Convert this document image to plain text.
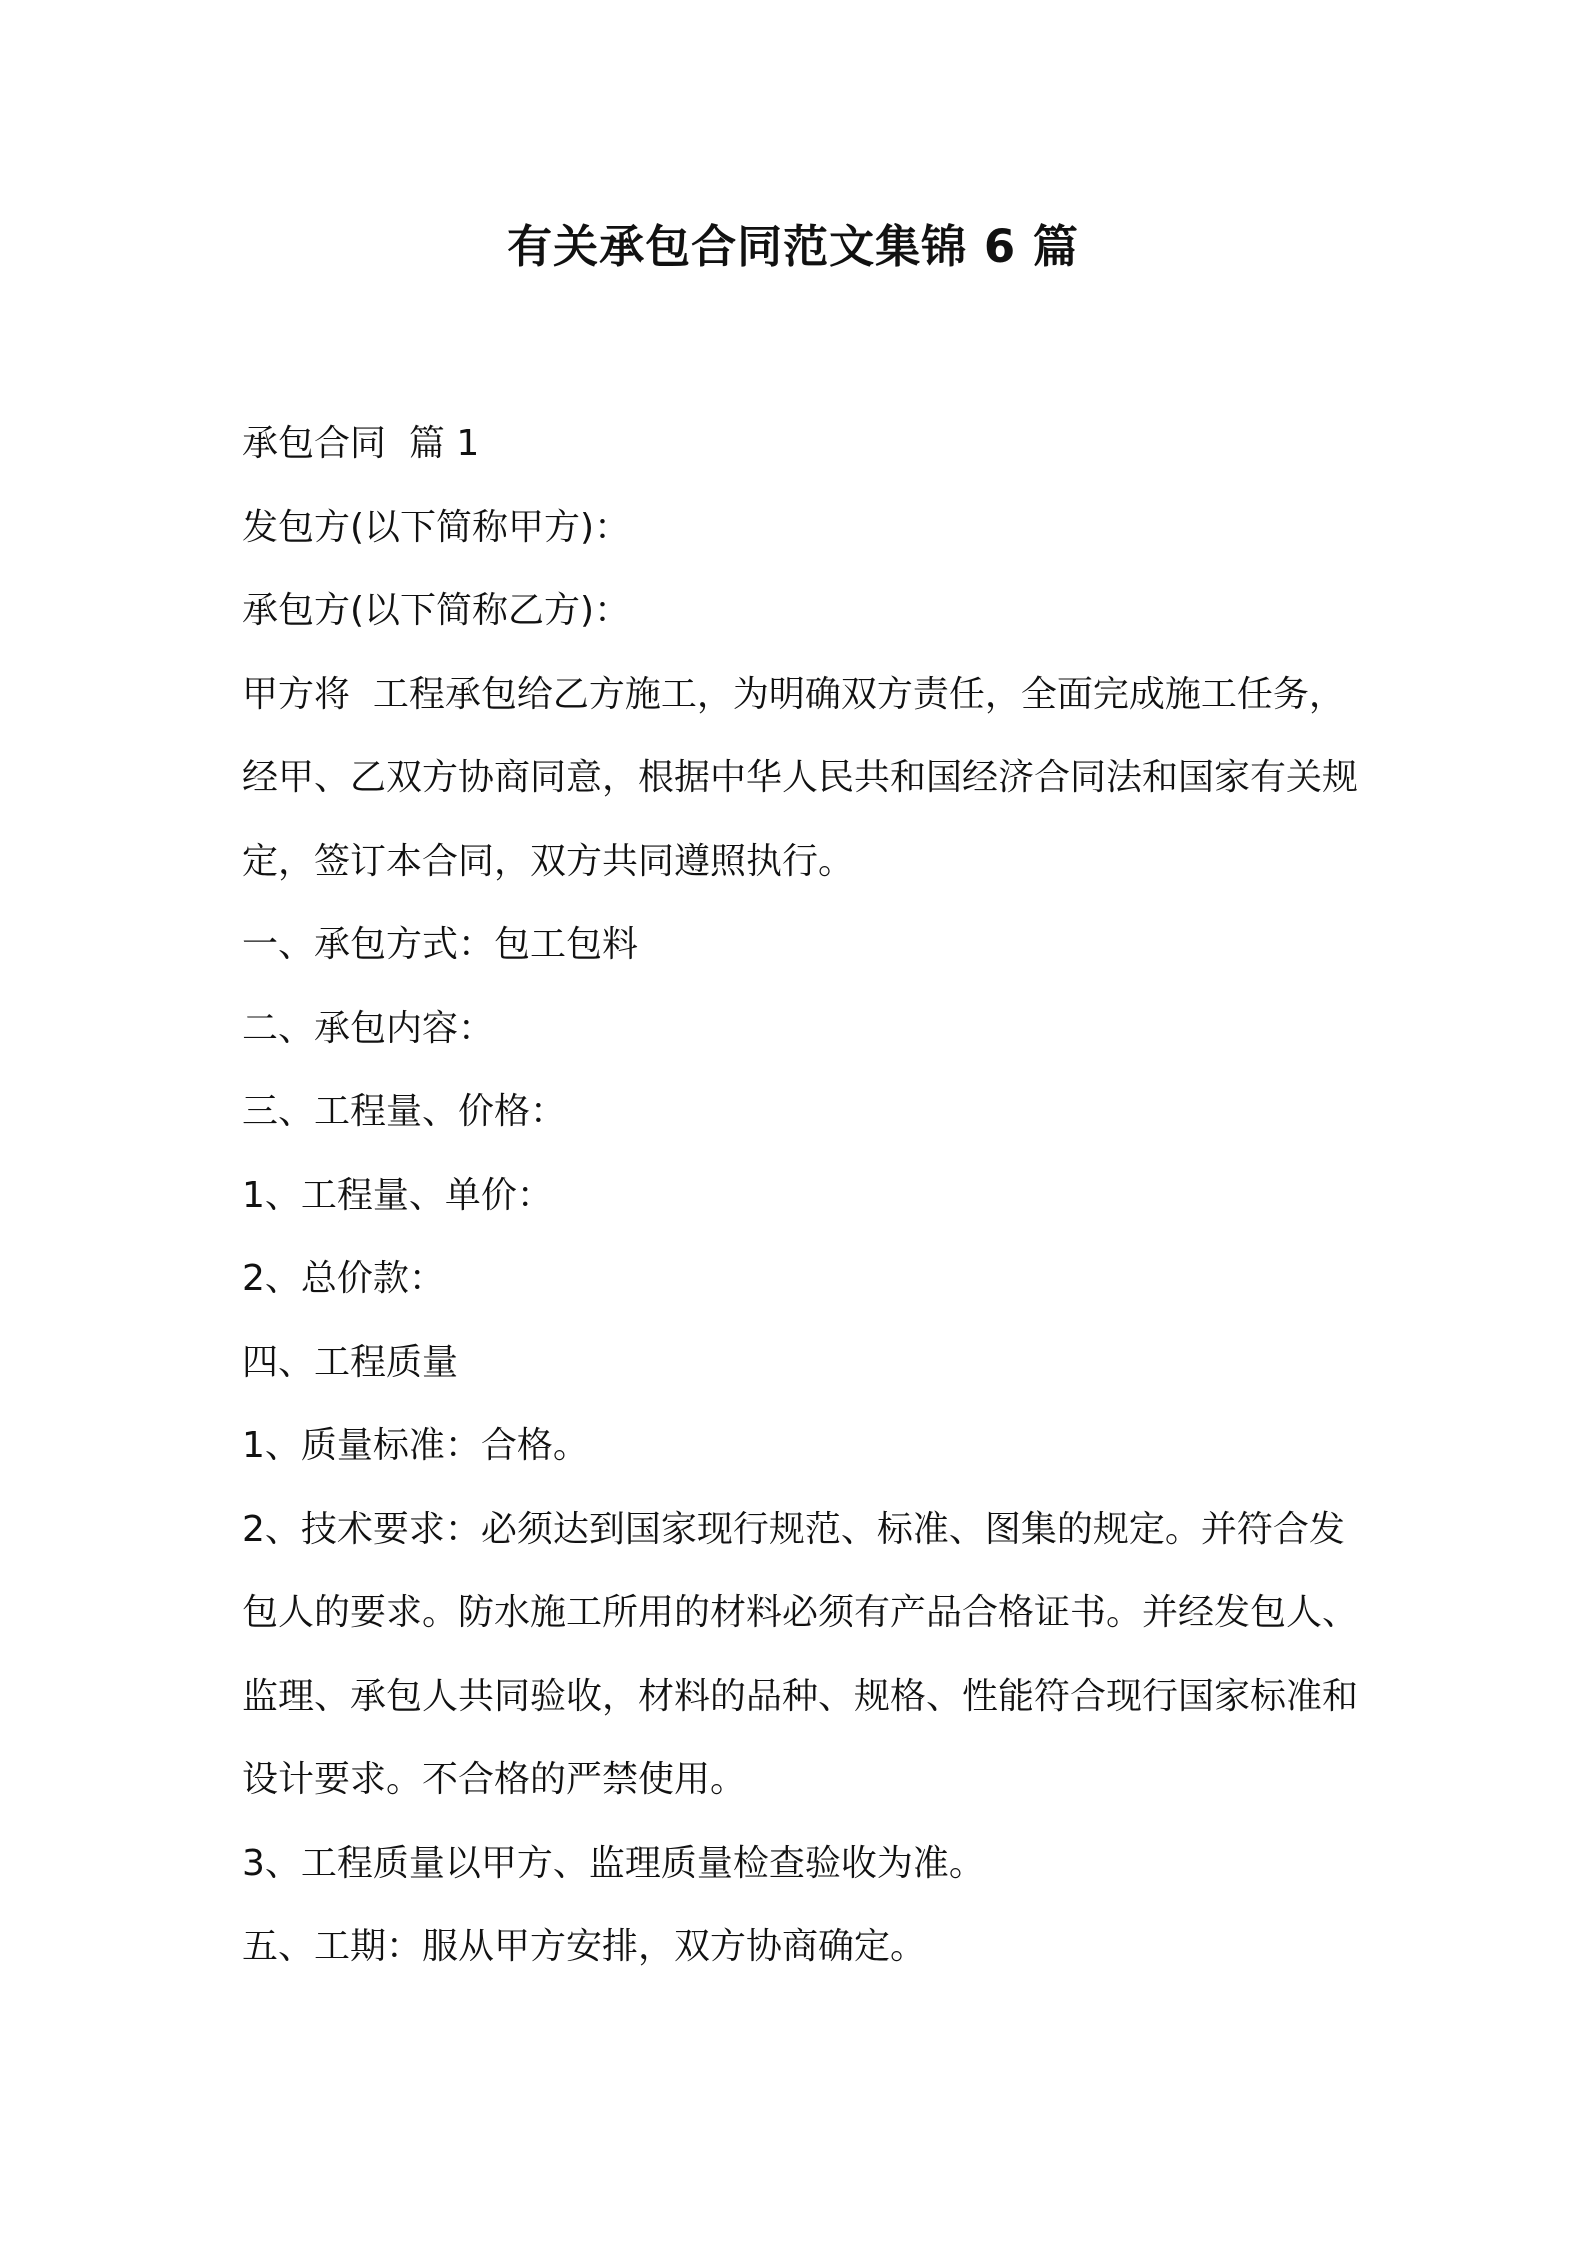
有关承包合同范文集锦 6 篇

承包合同  篇 1

发包方(以下简称甲方)：

承包方(以下简称乙方)：

甲方将  工程承包给乙方施工，为明确双方责任，全面完成施工任务，经甲、乙双方协商同意，根据中华人民共和国经济合同法和国家有关规定，签订本合同，双方共同遵照执行。

一、承包方式：包工包料

二、承包内容：

三、工程量、价格：

1、工程量、单价：

2、总价款：

四、工程质量

1、质量标准：合格。

2、技术要求：必须达到国家现行规范、标准、图集的规定。并符合发包人的要求。防水施工所用的材料必须有产品合格证书。并经发包人、监理、承包人共同验收，材料的品种、规格、性能符合现行国家标准和设计要求。不合格的严禁使用。

3、工程质量以甲方、监理质量检查验收为准。

五、工期：服从甲方安排，双方协商确定。
